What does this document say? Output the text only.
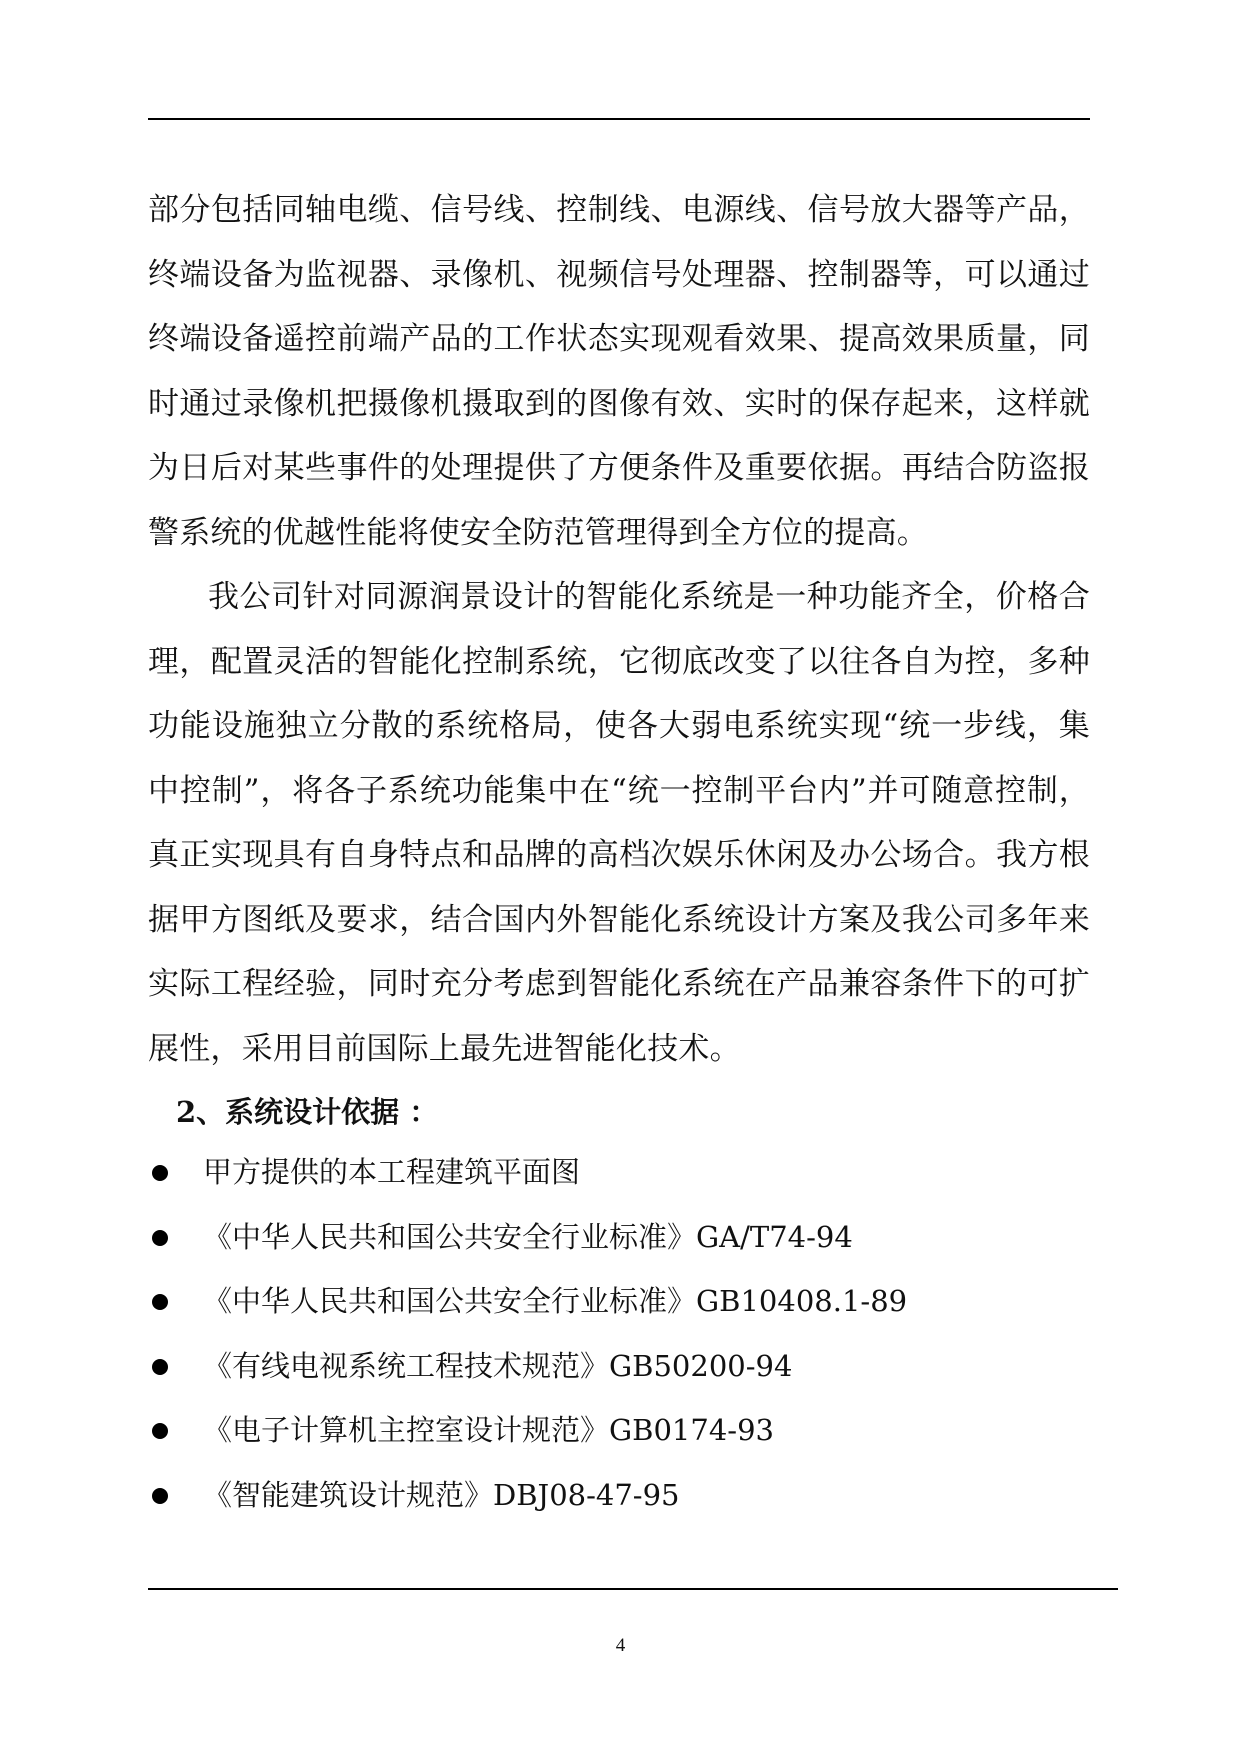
部分包括同轴电缆、信号线、控制线、电源线、信号放大器等产品，终端设备为监视器、录像机、视频信号处理器、控制器等，可以通过终端设备遥控前端产品的工作状态实现观看效果、提高效果质量，同时通过录像机把摄像机摄取到的图像有效、实时的保存起来，这样就为日后对某些事件的处理提供了方便条件及重要依据。再结合防盗报警系统的优越性能将使安全防范管理得到全方位的提高。

我公司针对同源润景设计的智能化系统是一种功能齐全，价格合理，配置灵活的智能化控制系统，它彻底改变了以往各自为控，多种功能设施独立分散的系统格局，使各大弱电系统实现“统一步线，集中控制”，将各子系统功能集中在“统一控制平台内”并可随意控制，真正实现具有自身特点和品牌的高档次娱乐休闲及办公场合。我方根据甲方图纸及要求，结合国内外智能化系统设计方案及我公司多年来实际工程经验，同时充分考虑到智能化系统在产品兼容条件下的可扩展性，采用目前国际上最先进智能化技术。

2、系统设计依据 ：
甲方提供的本工程建筑平面图
《中华人民共和国公共安全行业标准》GA/T74-94
《中华人民共和国公共安全行业标准》GB10408.1-89
《有线电视系统工程技术规范》GB50200-94
《电子计算机主控室设计规范》GB0174-93
《智能建筑设计规范》DBJ08-47-95
4
